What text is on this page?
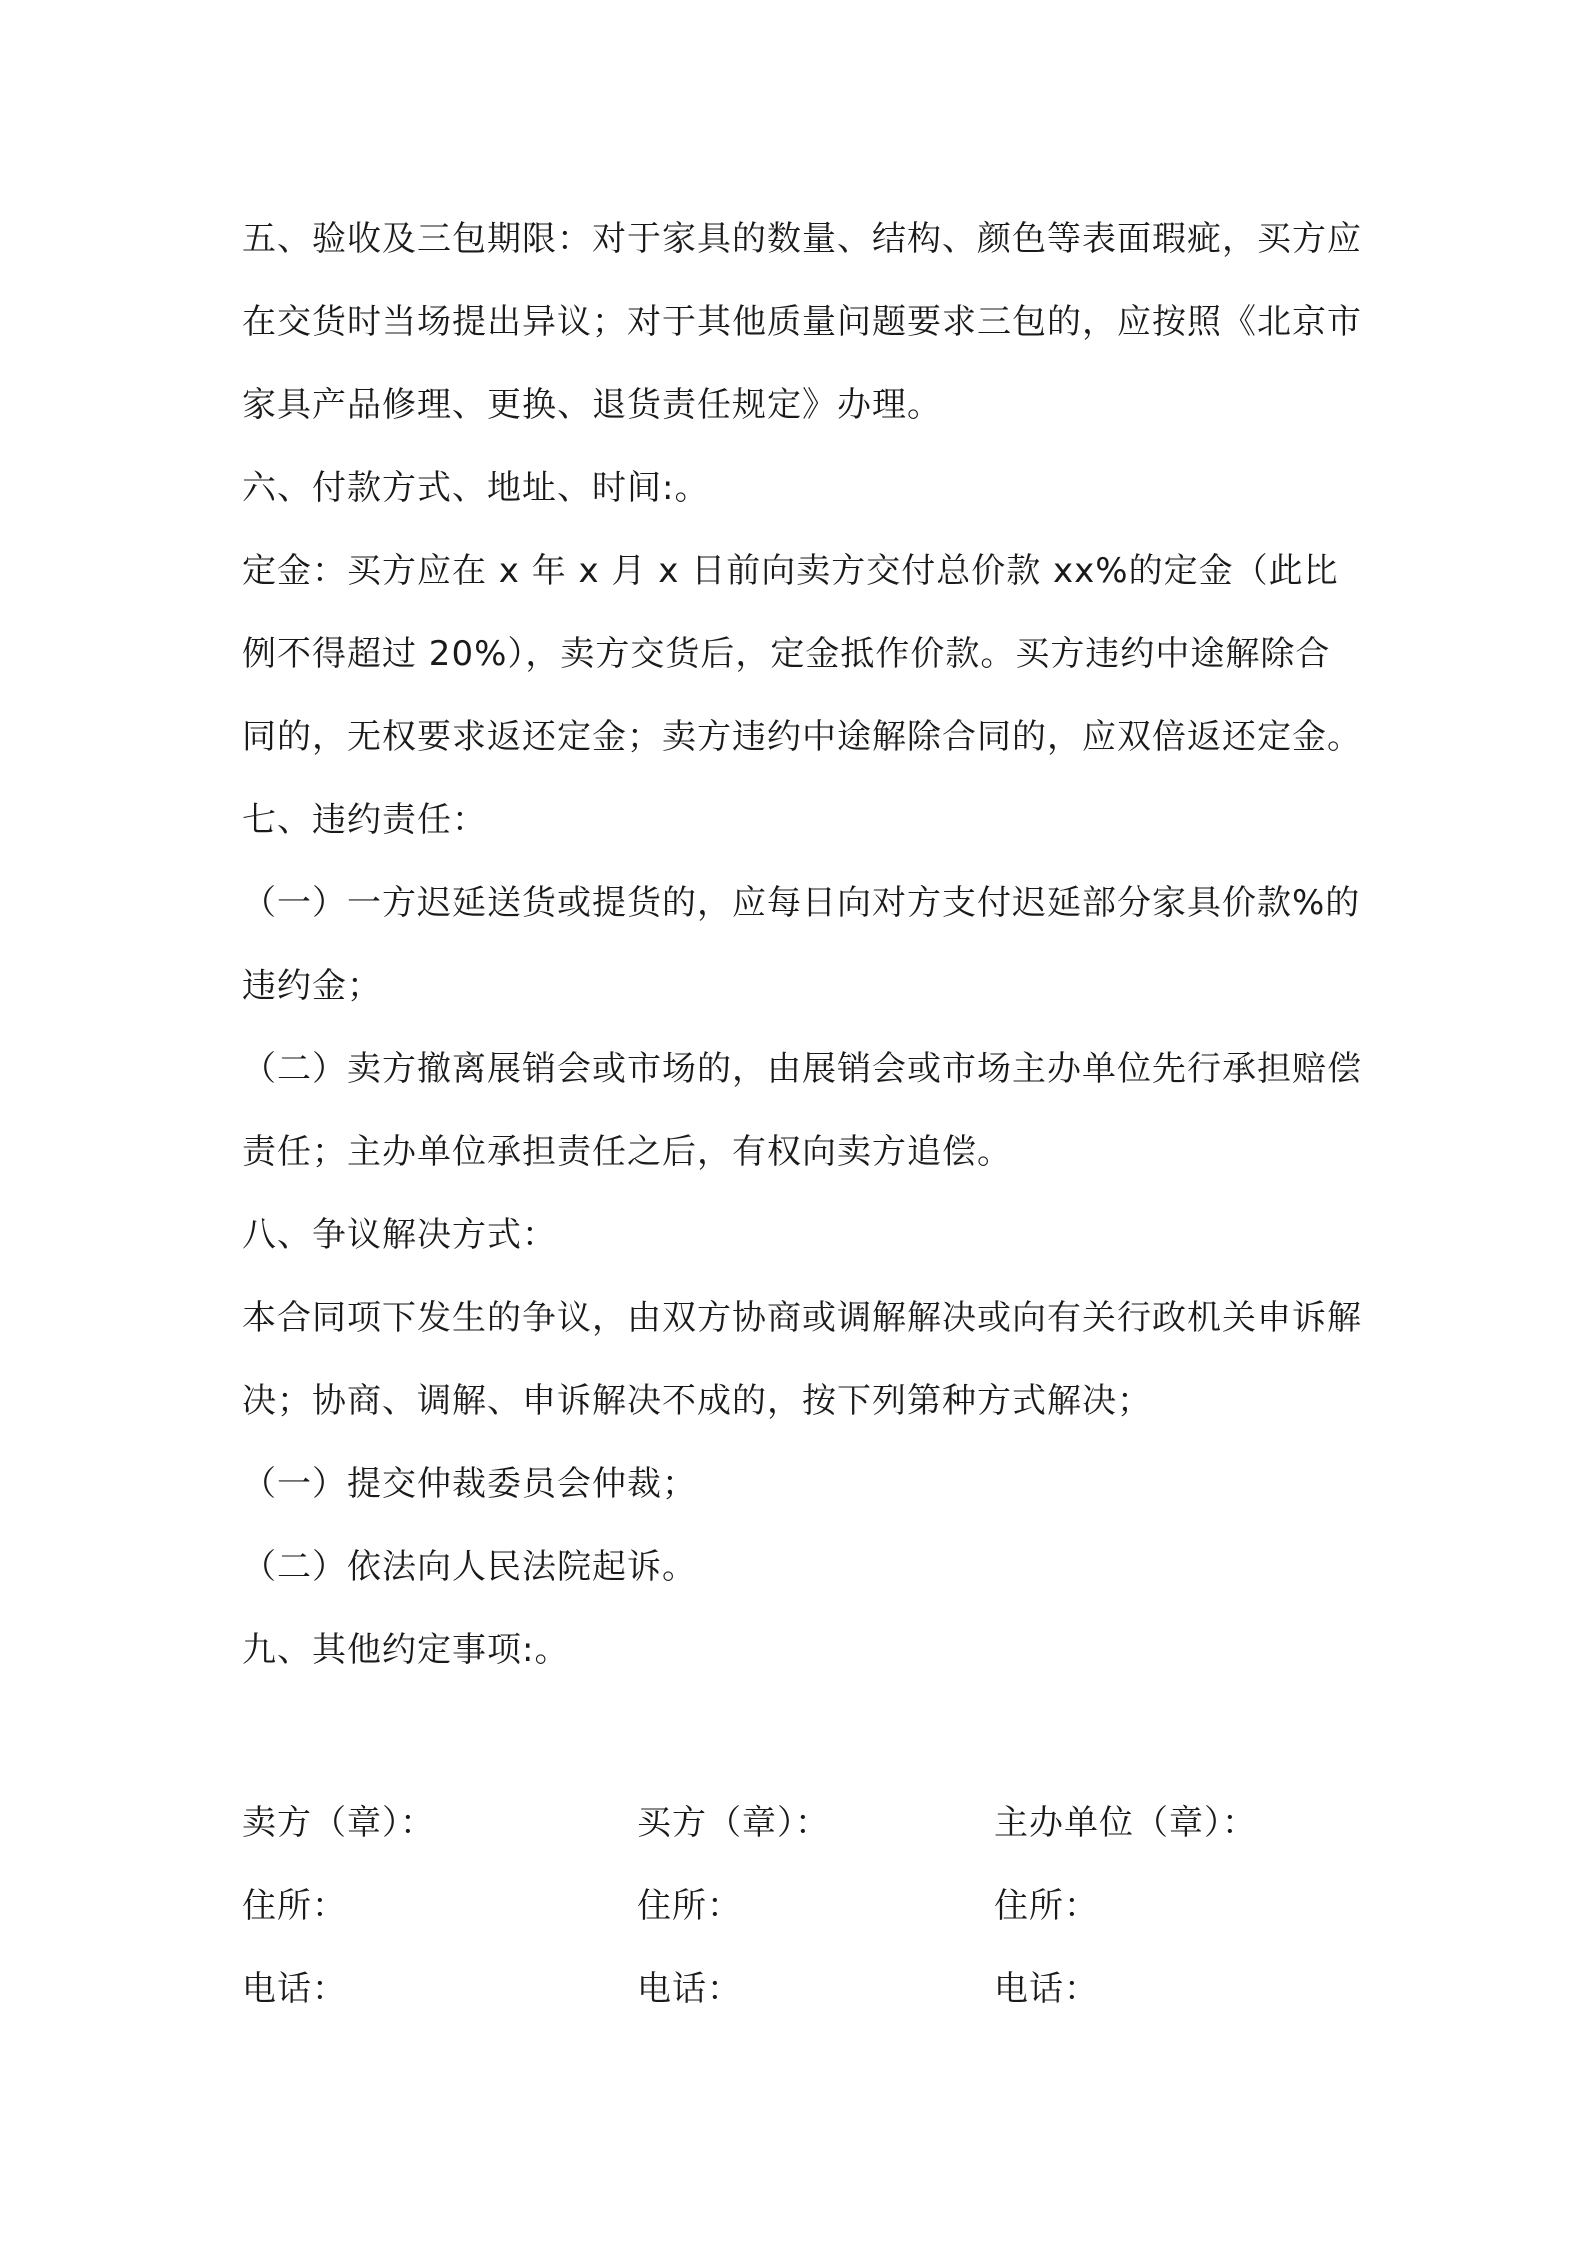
五、验收及三包期限：对于家具的数量、结构、颜色等表面瑕疵，买方应在交货时当场提出异议；对于其他质量问题要求三包的，应按照《北京市家具产品修理、更换、退货责任规定》办理。

六、付款方式、地址、时间:。

定金：买方应在 x 年 x 月 x 日前向卖方交付总价款 xx%的定金（此比例不得超过 20%），卖方交货后，定金抵作价款。买方违约中途解除合同的，无权要求返还定金；卖方违约中途解除合同的，应双倍返还定金。

七、违约责任：

（一）一方迟延送货或提货的，应每日向对方支付迟延部分家具价款%的违约金；

（二）卖方撤离展销会或市场的，由展销会或市场主办单位先行承担赔偿责任；主办单位承担责任之后，有权向卖方追偿。

八、争议解决方式：

本合同项下发生的争议，由双方协商或调解解决或向有关行政机关申诉解决；协商、调解、申诉解决不成的，按下列第种方式解决；

（一）提交仲裁委员会仲裁；

（二）依法向人民法院起诉。

九、其他约定事项:。

卖方（章）：	买方（章）：	主办单位（章）：
住所：	住所：	住所：
电话：	电话：	电话：
